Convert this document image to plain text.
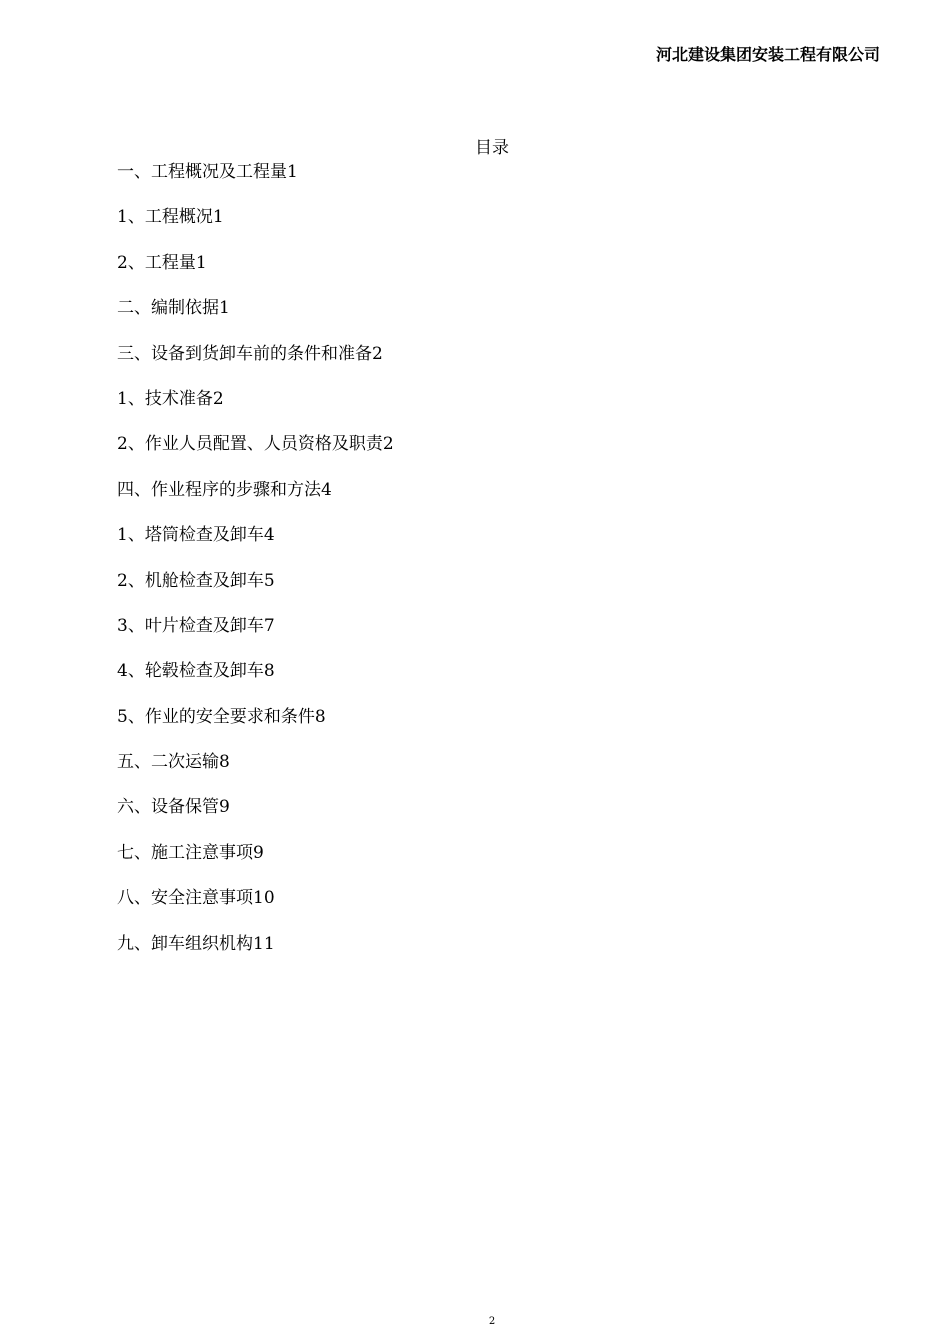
河北建设集团安装工程有限公司
目录
一、工程概况及工程量1
1、工程概况1
2、工程量1
二、编制依据1
三、设备到货卸车前的条件和准备2
1、技术准备2
2、作业人员配置、人员资格及职责2
四、作业程序的步骤和方法4
1、塔筒检查及卸车4
2、机舱检查及卸车5
3、叶片检查及卸车7
4、轮毂检查及卸车8
5、作业的安全要求和条件8
五、二次运输8
六、设备保管9
七、施工注意事项9
八、安全注意事项10
九、卸车组织机构11
2
